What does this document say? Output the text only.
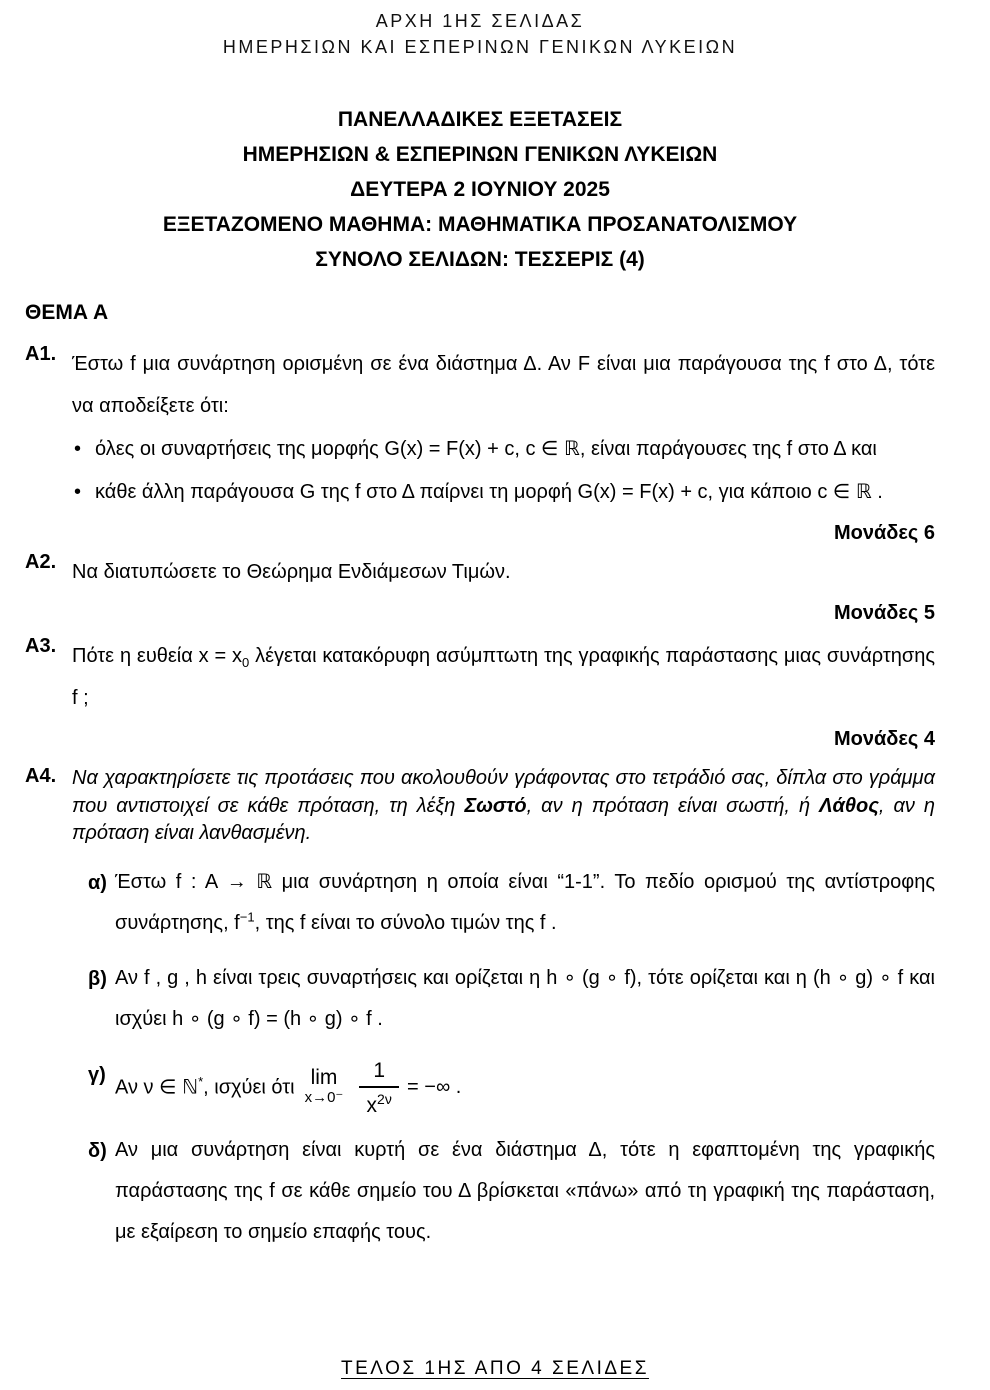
ΑΡΧΗ 1ΗΣ ΣΕΛΙΔΑΣ
ΗΜΕΡΗΣΙΩΝ ΚΑΙ ΕΣΠΕΡΙΝΩΝ ΓΕΝΙΚΩΝ ΛΥΚΕΙΩΝ
ΠΑΝΕΛΛΑΔΙΚΕΣ ΕΞΕΤΑΣΕΙΣ
ΗΜΕΡΗΣΙΩΝ & ΕΣΠΕΡΙΝΩΝ ΓΕΝΙΚΩΝ ΛΥΚΕΙΩΝ
ΔΕΥΤΕΡΑ 2 ΙΟΥΝΙΟΥ 2025
ΕΞΕΤΑΖΟΜΕΝΟ ΜΑΘΗΜΑ: ΜΑΘΗΜΑΤΙΚΑ ΠΡΟΣΑΝΑΤΟΛΙΣΜΟΥ
ΣΥΝΟΛΟ ΣΕΛΙΔΩΝ: ΤΕΣΣΕΡΙΣ (4)
ΘΕΜΑ Α
Α1. Έστω f μια συνάρτηση ορισμένη σε ένα διάστημα Δ. Αν F είναι μια παράγουσα της f στο Δ, τότε να αποδείξετε ότι:

• όλες οι συναρτήσεις της μορφής G(x) = F(x) + c, c ∈ ℝ, είναι παράγουσες της f στο Δ και
• κάθε άλλη παράγουσα G της f στο Δ παίρνει τη μορφή G(x) = F(x) + c, για κάποιο c ∈ ℝ .
Μονάδες 6
Α2. Να διατυπώσετε το Θεώρημα Ενδιάμεσων Τιμών.

Μονάδες 5
Α3. Πότε η ευθεία $x = x_0$ λέγεται κατακόρυφη ασύμπτωτη της γραφικής παράστασης μιας συνάρτησης f ;

Μονάδες 4
Α4. Να χαρακτηρίσετε τις προτάσεις που ακολουθούν γράφοντας στο τετράδιό σας, δίπλα στο γράμμα που αντιστοιχεί σε κάθε πρόταση, τη λέξη Σωστό, αν η πρόταση είναι σωστή, ή Λάθος, αν η πρόταση είναι λανθασμένη.

α) Έστω f : A → ℝ μια συνάρτηση η οποία είναι “1-1”. Το πεδίο ορισμού της αντίστροφης συνάρτησης, $f^{-1}$, της f είναι το σύνολο τιμών της f .
β) Αν f , g , h είναι τρεις συναρτήσεις και ορίζεται η h ∘ (g ∘ f), τότε ορίζεται και η (h ∘ g) ∘ f και ισχύει h ∘ (g ∘ f) = (h ∘ g) ∘ f .
γ)
Αν ν ∈ ℕ*, ισχύει ότι lim
$x\to 0^- \frac{1}{x^{2\nu}}$ = −∞ .
δ) Αν μια συνάρτηση είναι κυρτή σε ένα διάστημα Δ, τότε η εφαπτομένη της γραφικής παράστασης της f σε κάθε σημείο του Δ βρίσκεται «πάνω» από τη γραφική της παράσταση, με εξαίρεση το σημείο επαφής τους.
ΤΕΛΟΣ 1ΗΣ ΑΠΟ 4 ΣΕΛΙΔΕΣ
